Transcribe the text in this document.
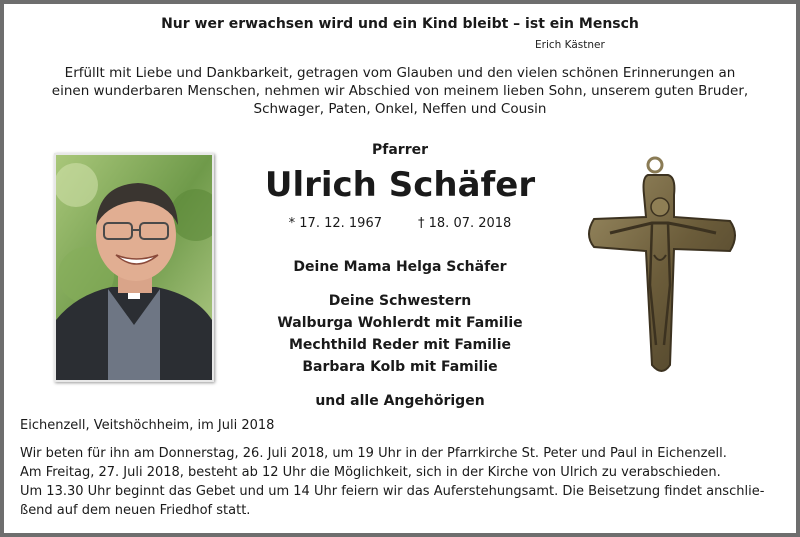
Nur wer erwachsen wird und ein Kind bleibt – ist ein Mensch
Erich Kästner
Erfüllt mit Liebe und Dankbarkeit, getragen vom Glauben und den vielen schönen Erinnerungen an
einen wunderbaren Menschen, nehmen wir Abschied von meinem lieben Sohn, unserem guten Bruder,
Schwager, Paten, Onkel, Neffen und Cousin
Pfarrer
Ulrich Schäfer
* 17. 12. 1967	† 18. 07. 2018
Deine Mama Helga Schäfer
Deine Schwestern
Walburga Wohlerdt mit Familie
Mechthild Reder mit Familie
Barbara Kolb mit Familie
und alle Angehörigen
Eichenzell, Veitshöchheim, im Juli 2018
Wir beten für ihn am Donnerstag, 26. Juli 2018, um 19 Uhr in der Pfarrkirche St. Peter und Paul in Eichenzell.
Am Freitag, 27. Juli 2018, besteht ab 12 Uhr die Möglichkeit, sich in der Kirche von Ulrich zu verabschieden.
Um 13.30 Uhr beginnt das Gebet und um 14 Uhr feiern wir das Auferstehungsamt. Die Beisetzung findet anschlie-
ßend auf dem neuen Friedhof statt.
